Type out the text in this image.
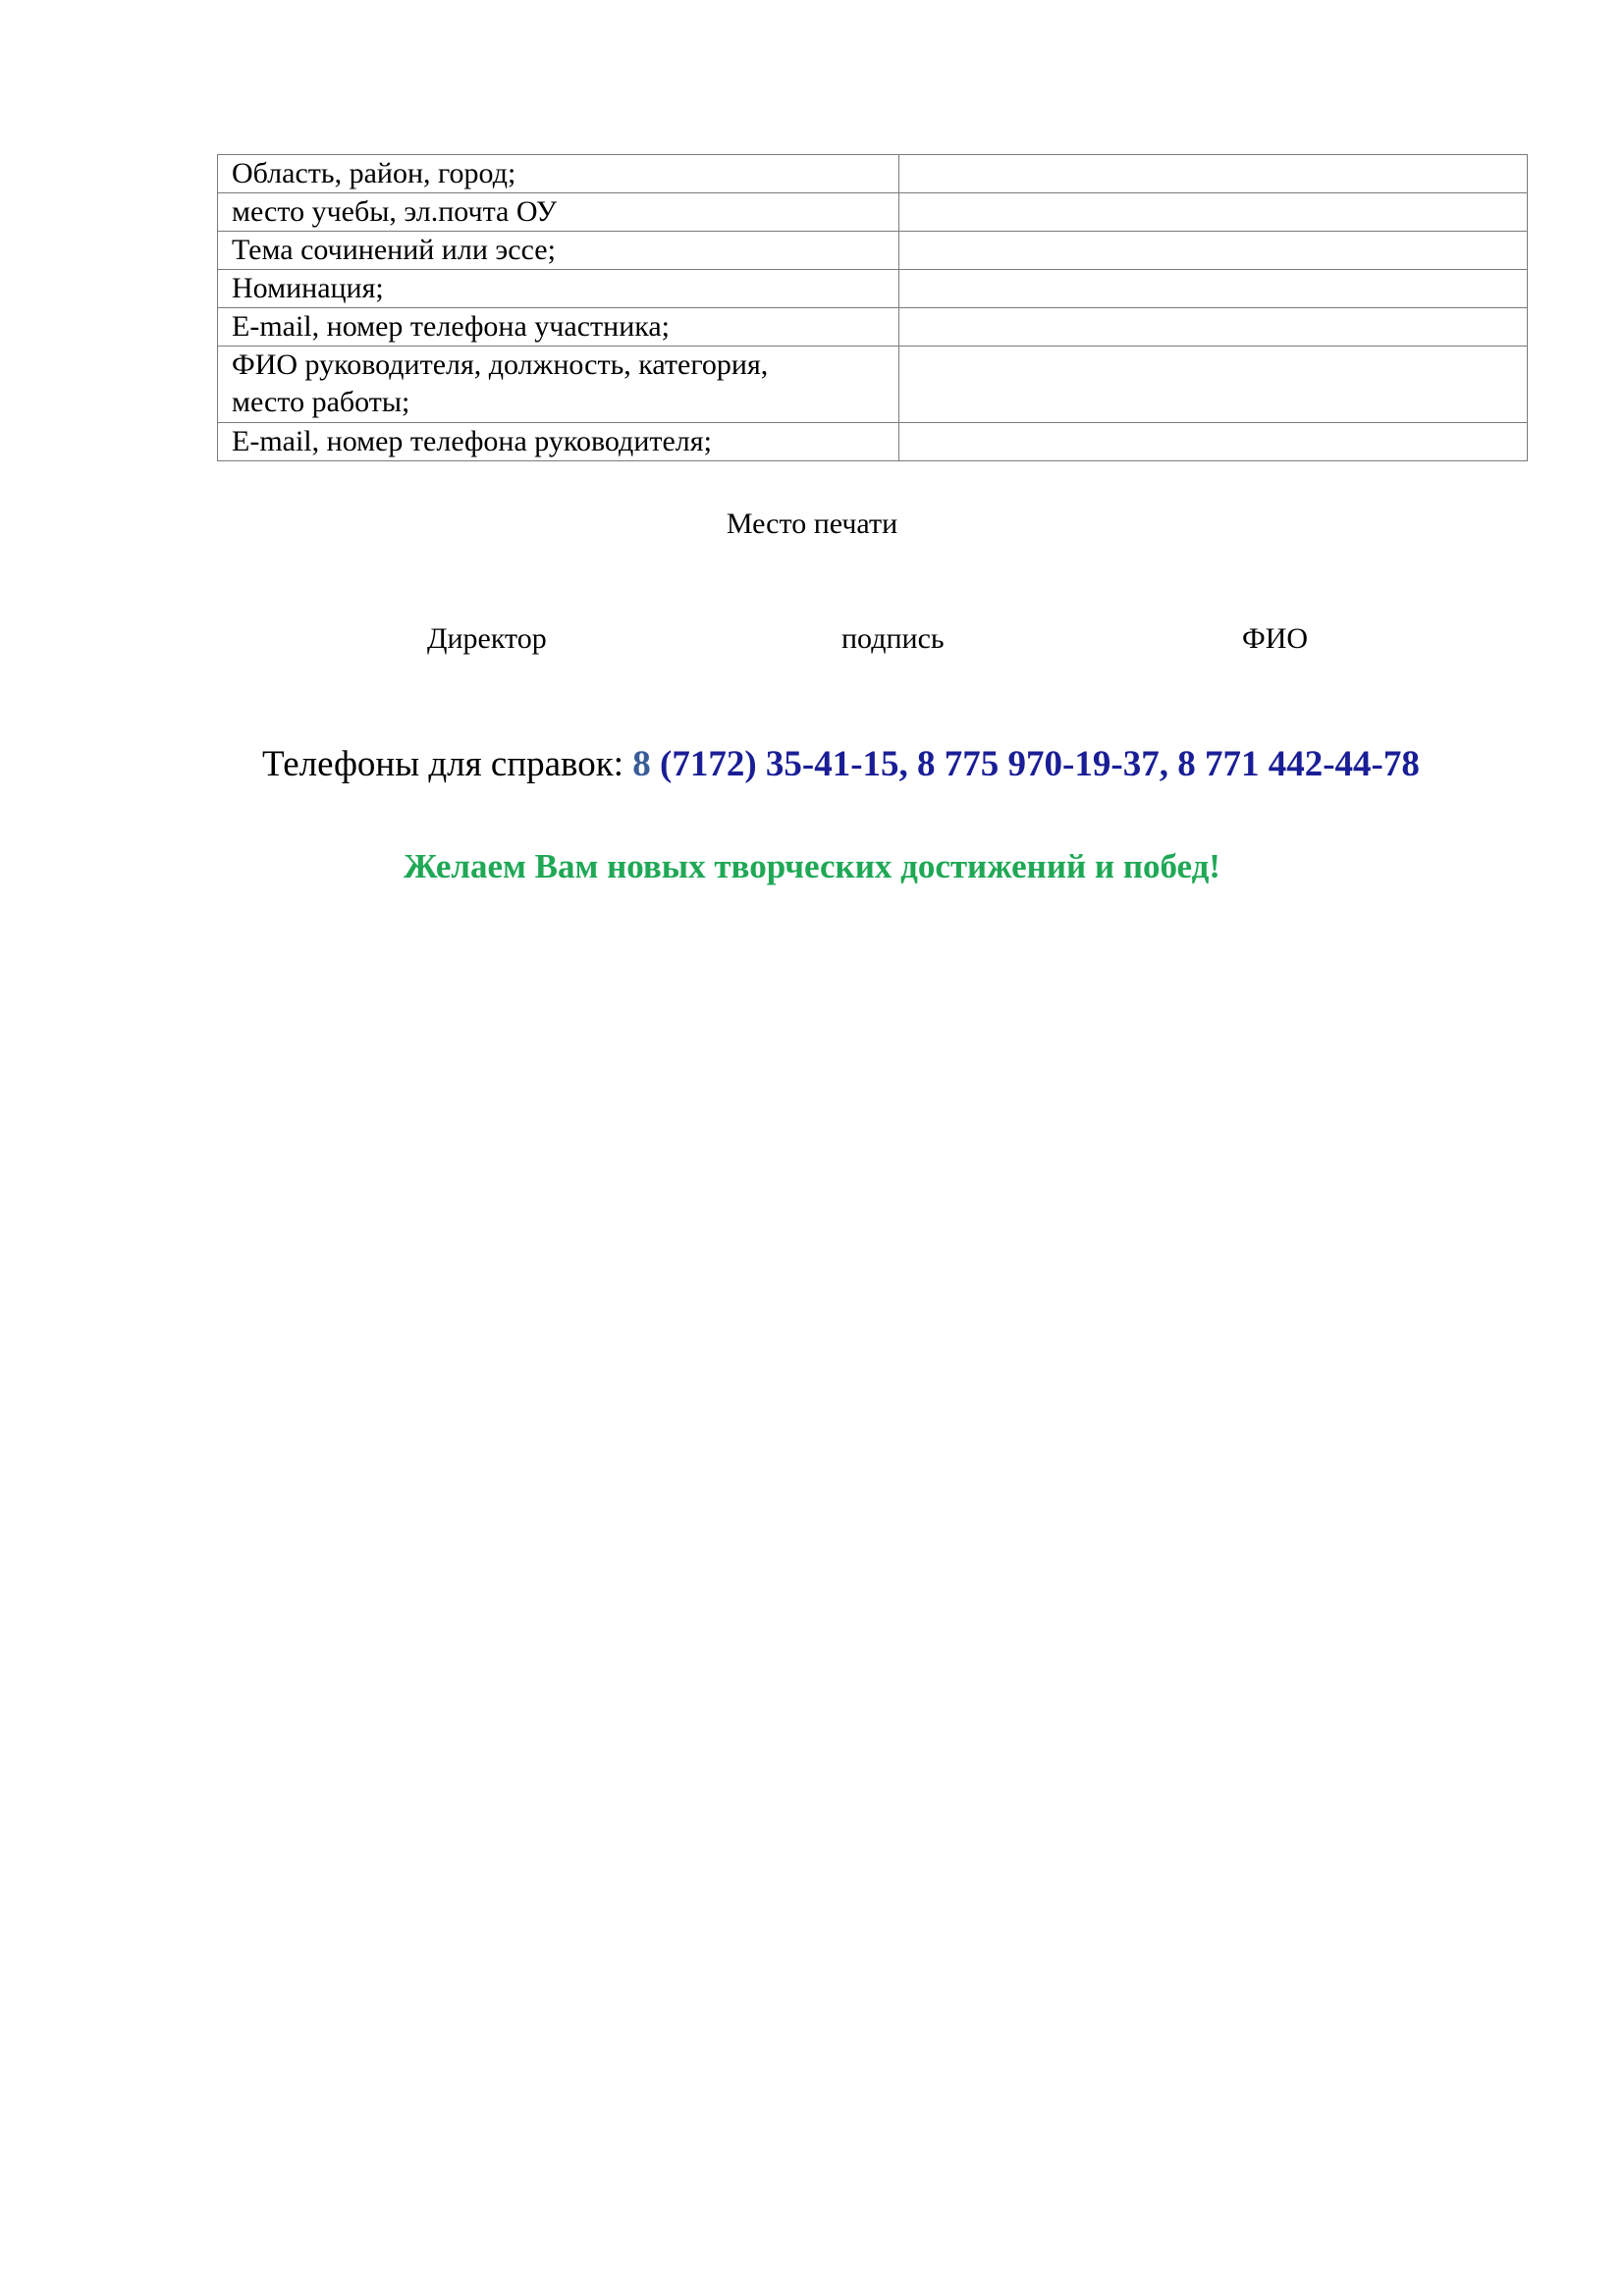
Область, район, город;	
место учебы, эл.почта ОУ	
Тема сочинений или эссе;	
Номинация;	
E-mail, номер телефона участника;	
ФИО руководителя, должность, категория,
место работы;	
E-mail, номер телефона руководителя;	
Место печати
Директор	подпись	ФИО
Телефоны для справок: 8 (7172) 35-41-15, 8 775 970-19-37, 8 771 442-44-78
Желаем Вам новых творческих достижений и побед!
